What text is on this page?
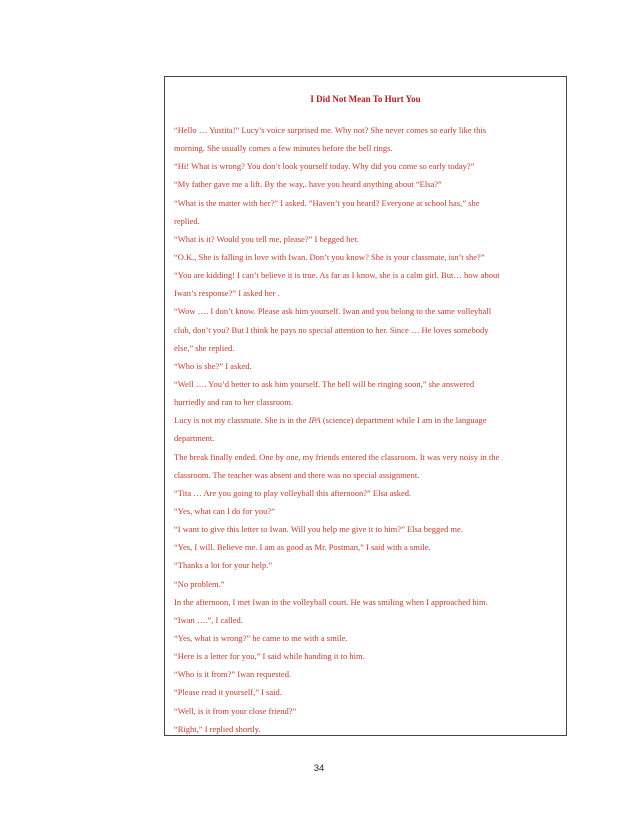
I Did Not Mean To Hurt You
“Hello … Yustita!” Lucy’s voice surprised me. Why not? She never comes so early like this
morning. She usually comes a few minutes before the bell rings.
“Hi! What is wrong? You don’t look yourself today. Why did you come so early today?”
“My father gave me a lift. By the way,. have you heard anything about “Elsa?”
“What is the matter with her?” I asked. ”Haven’t you heard? Everyone at school has,” she
replied.
“What is it? Would you tell me, please?” I begged her.
“O.K., She is falling in love with Iwan. Don’t you know? She is your classmate, isn’t she?”
“You are kidding! I can’t believe it is true. As far as I know, she is a calm girl. But… how about
Iwan’s response?” I asked her .
“Wow …. I don’t know. Please ask him yourself. Iwan and you belong to the same volleyball
club, don’t you? But I think he pays no special attention to her. Since … He loves somebody
else,” she replied.
“Who is she?” I asked.
“Well …. You’d better to ask him yourself. The bell will be ringing soon,” she answered
hurriedly and ran to her classroom.
Lucy is not my classmate. She is in the IPA (science) department while I am in the language
department.
The break finally ended. One by one, my friends entered the classroom. It was very noisy in the
classroom. The teacher was absent and there was no special assignment.
“Tita … Are you going to play volleyball this afternoon?” Elsa asked.
“Yes, what can I do for you?”
“I want to give this letter to Iwan. Will you help me give it to him?” Elsa begged me.
“Yes, I will. Believe me. I am as good as Mr. Postman,” I said with a smile.
“Thanks a lot for your help.”
“No problem.”
In the afternoon, I met Iwan in the volleyball court. He was smiling when I approached him.
“Iwan ….”, I called.
“Yes, what is wrong?” he came to me with a smile.
“Here is a letter for you,” I said while handing it to him.
“Who is it from?” Iwan requested.
“Please read it yourself,” I said.
“Well, is it from your close friend?”
“Right,” I replied shortly.
34
